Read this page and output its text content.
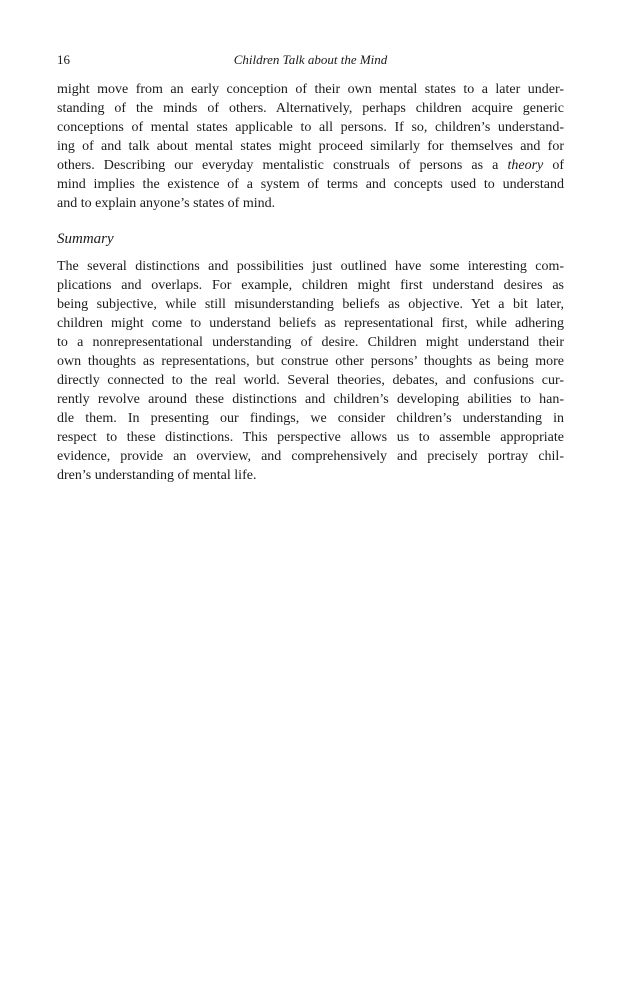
16	Children Talk about the Mind

might move from an early conception of their own mental states to a later under-
standing of the minds of others. Alternatively, perhaps children acquire generic
conceptions of mental states applicable to all persons. If so, children’s understand-
ing of and talk about mental states might proceed similarly for themselves and for
others. Describing our everyday mentalistic construals of persons as a theory of
mind implies the existence of a system of terms and concepts used to understand
and to explain anyone’s states of mind.

Summary

The several distinctions and possibilities just outlined have some interesting com-
plications and overlaps. For example, children might first understand desires as
being subjective, while still misunderstanding beliefs as objective. Yet a bit later,
children might come to understand beliefs as representational first, while adhering
to a nonrepresentational understanding of desire. Children might understand their
own thoughts as representations, but construe other persons’ thoughts as being more
directly connected to the real world. Several theories, debates, and confusions cur-
rently revolve around these distinctions and children’s developing abilities to han-
dle them. In presenting our findings, we consider children’s understanding in
respect to these distinctions. This perspective allows us to assemble appropriate
evidence, provide an overview, and comprehensively and precisely portray chil-
dren’s understanding of mental life.
